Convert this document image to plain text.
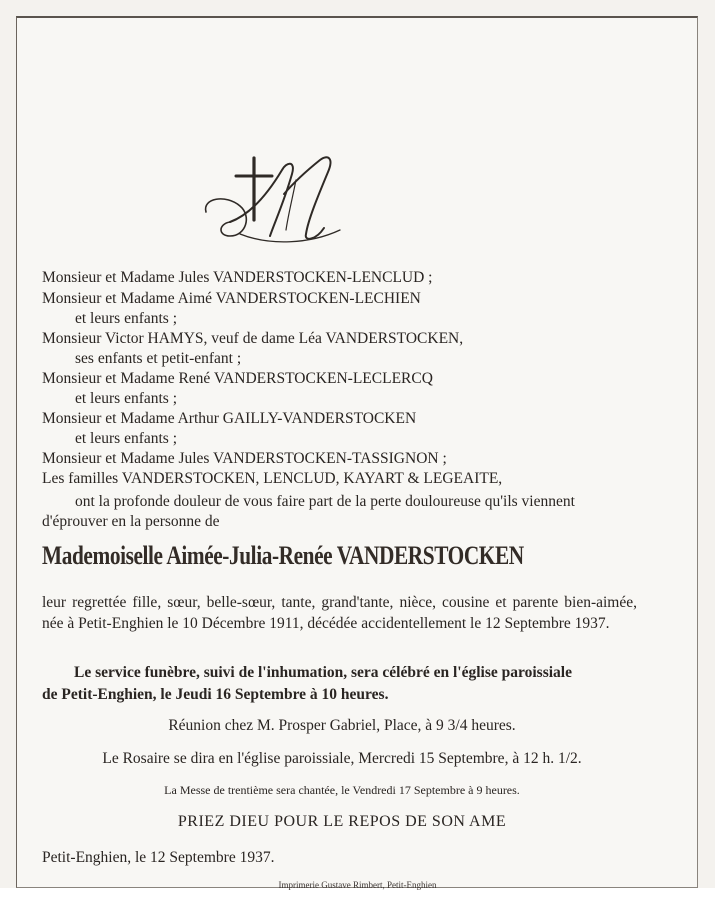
Monsieur et Madame Jules VANDERSTOCKEN-LENCLUD ;
Monsieur et Madame Aimé VANDERSTOCKEN-LECHIEN
et leurs enfants ;
Monsieur Victor HAMYS, veuf de dame Léa VANDERSTOCKEN,
ses enfants et petit-enfant ;
Monsieur et Madame René VANDERSTOCKEN-LECLERCQ
et leurs enfants ;
Monsieur et Madame Arthur GAILLY-VANDERSTOCKEN
et leurs enfants ;
Monsieur et Madame Jules VANDERSTOCKEN-TASSIGNON ;
Les familles VANDERSTOCKEN, LENCLUD, KAYART & LEGEAITE,
ont la profonde douleur de vous faire part de la perte douloureuse qu'ils viennent
d'éprouver en la personne de
Mademoiselle Aimée-Julia-Renée VANDERSTOCKEN
leur regrettée fille, sœur, belle-sœur, tante, grand'tante, nièce, cousine et parente bien-aimée, née à Petit-Enghien le 10 Décembre 1911, décédée accidentellement le 12 Septembre 1937.
Le service funèbre, suivi de l'inhumation, sera célébré en l'église paroissiale
de Petit-Enghien, le Jeudi 16 Septembre à 10 heures.
Réunion chez M. Prosper Gabriel, Place, à 9 3/4 heures.
Le Rosaire se dira en l'église paroissiale, Mercredi 15 Septembre, à 12 h. 1/2.
La Messe de trentième sera chantée, le Vendredi 17 Septembre à 9 heures.
PRIEZ DIEU POUR LE REPOS DE SON AME
Petit-Enghien, le 12 Septembre 1937.
Imprimerie Gustave Rimbert, Petit-Enghien
